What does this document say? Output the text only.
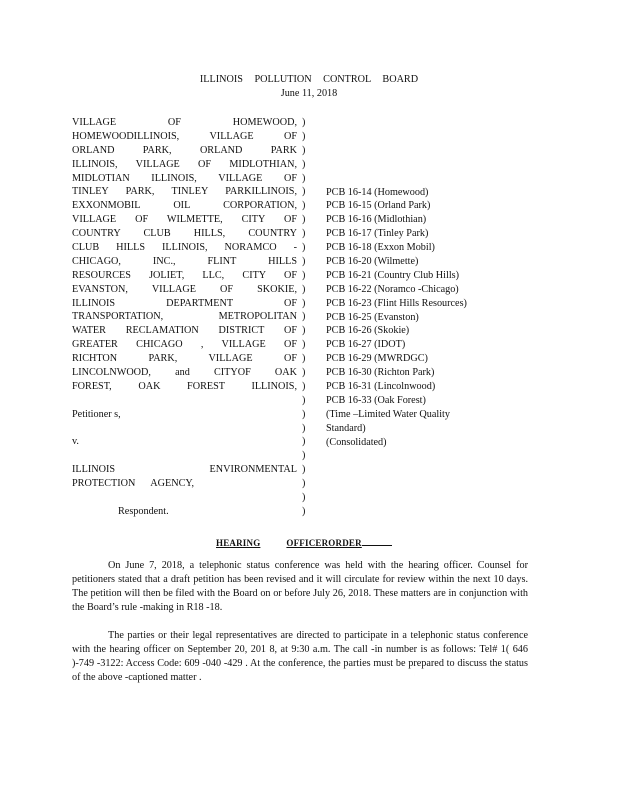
ILLINOIS POLLUTION CONTROL BOARD
June 11, 2018
VILLAGE OF HOMEWOOD,
HOMEWOODILLINOIS, VILLAGE OF
ORLAND PARK, ORLAND PARK
ILLINOIS, VILLAGE OF MIDLOTHIAN,
MIDLOTIAN ILLINOIS, VILLAGE OF
TINLEY PARK, TINLEY PARKILLINOIS,
EXXONMOBIL OIL CORPORATION,
VILLAGE OF WILMETTE, CITY OF
COUNTRY CLUB HILLS, COUNTRY
CLUB HILLS ILLINOIS, NORAMCO -
CHICAGO, INC., FLINT HILLS
RESOURCES JOLIET, LLC, CITY OF
EVANSTON, VILLAGE OF SKOKIE,
ILLINOIS DEPARTMENT OF
TRANSPORTATION, METROPOLITAN
WATER RECLAMATION DISTRICT OF
GREATER CHICAGO , VILLAGE OF
RICHTON PARK, VILLAGE OF
LINCOLNWOOD, and CITYOF OAK
FOREST, OAK FOREST ILLINOIS,
Petitioner s,
v.
ILLINOIS ENVIRONMENTAL
PROTECTION AGENCY,
Respondent.
)
)
)
)
)
)
)
)
)
)
)
)
)
)
)
)
)
)
)
)
)
)
)
)
)
)
)
)
)
PCB 16-14 (Homewood)
PCB 16-15 (Orland Park)
PCB 16-16 (Midlothian)
PCB 16-17 (Tinley Park)
PCB 16-18 (Exxon Mobil)
PCB 16-20 (Wilmette)
PCB 16-21 (Country Club Hills)
PCB 16-22 (Noramco -Chicago)
PCB 16-23 (Flint Hills Resources)
PCB 16-25 (Evanston)
PCB 16-26 (Skokie)
PCB 16-27 (IDOT)
PCB 16-29 (MWRDGC)
PCB 16-30 (Richton Park)
PCB 16-31 (Lincolnwood)
PCB 16-33 (Oak Forest)
(Time –Limited Water Quality
Standard)
(Consolidated)
HEARING	OFFICERORDER
On June 7, 2018, a telephonic status conference was held with the hearing officer. Counsel for petitioners stated that a draft petition has been revised and it will circulate for review within the next 10 days. The petition will then be filed with the Board on or before July 26, 2018. These matters are in conjunction with the Board’s rule -making in R18 -18.
The parties or their legal representatives are directed to participate in a telephonic status conference with the hearing officer on September 20, 201 8, at 9:30 a.m. The call -in number is as follows: Tel# 1( 646 )-749 -3122: Access Code: 609 -040 -429 . At the conference, the parties must be prepared to discuss the status of the above -captioned matter .
